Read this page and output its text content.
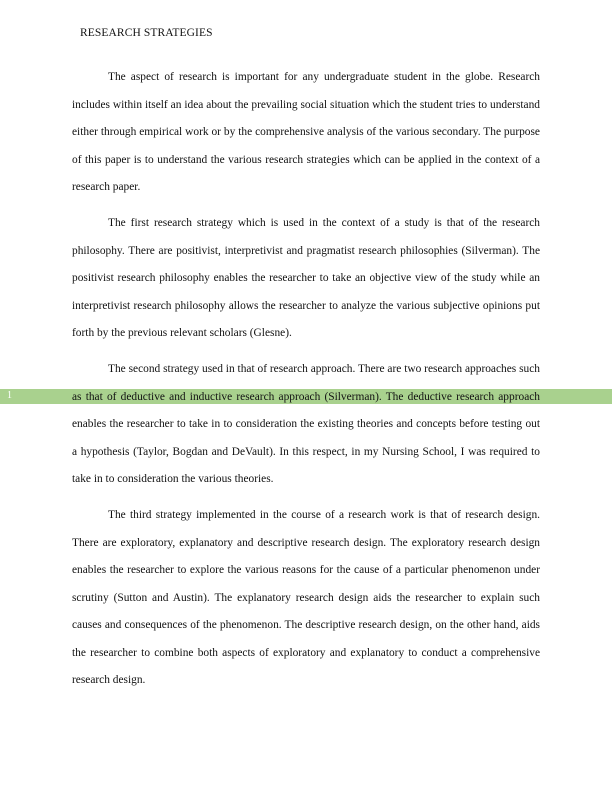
1

RESEARCH STRATEGIES

The aspect of research is important for any undergraduate student in the globe. Research includes within itself an idea about the prevailing social situation which the student tries to understand either through empirical work or by the comprehensive analysis of the various secondary. The purpose of this paper is to understand the various research strategies which can be applied in the context of a research paper.

The first research strategy which is used in the context of a study is that of the research philosophy. There are positivist, interpretivist and pragmatist research philosophies (Silverman). The positivist research philosophy enables the researcher to take an objective view of the study while an interpretivist research philosophy allows the researcher to analyze the various subjective opinions put forth by the previous relevant scholars (Glesne).

The second strategy used in that of research approach. There are two research approaches such as that of deductive and inductive research approach (Silverman). The deductive research approach enables the researcher to take in to consideration the existing theories and concepts before testing out a hypothesis (Taylor, Bogdan and DeVault). In this respect, in my Nursing School, I was required to take in to consideration the various theories.

The third strategy implemented in the course of a research work is that of research design. There are exploratory, explanatory and descriptive research design. The exploratory research design enables the researcher to explore the various reasons for the cause of a particular phenomenon under scrutiny (Sutton and Austin). The explanatory research design aids the researcher to explain such causes and consequences of the phenomenon. The descriptive research design, on the other hand, aids the researcher to combine both aspects of exploratory and explanatory to conduct a comprehensive research design.
